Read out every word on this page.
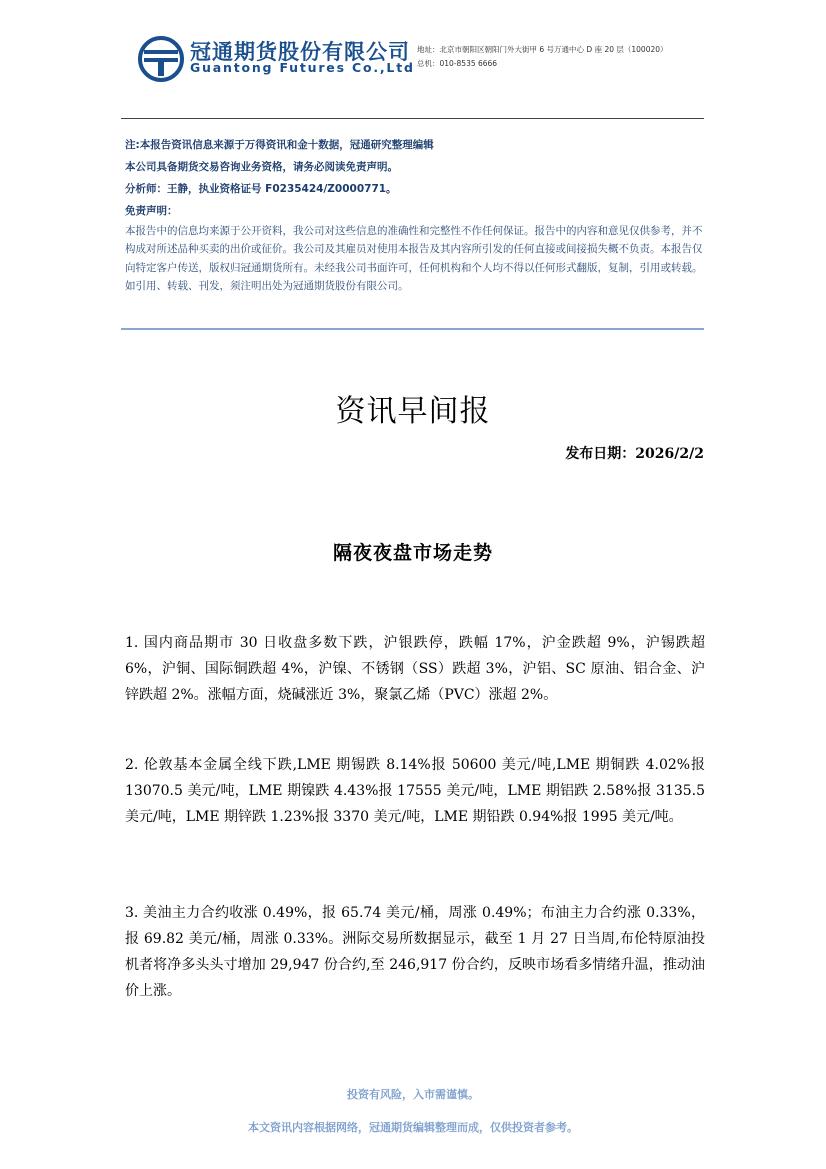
冠通期货股份有限公司
Guantong Futures Co.,Ltd
地址：北京市朝阳区朝阳门外大街甲 6 号万通中心 D 座 20 层（100020）
总机：010-8535 6666
注:本报告资讯信息来源于万得资讯和金十数据，冠通研究整理编辑
本公司具备期货交易咨询业务资格，请务必阅读免责声明。
分析师：王静，执业资格证号 F0235424/Z0000771。
免责声明：
本报告中的信息均来源于公开资料，我公司对这些信息的准确性和完整性不作任何保证。报告中的内容和意见仅供参考，并不构成对所述品种买卖的出价或征价。我公司及其雇员对使用本报告及其内容所引发的任何直接或间接损失概不负责。本报告仅向特定客户传送，版权归冠通期货所有。未经我公司书面许可，任何机构和个人均不得以任何形式翻版，复制，引用或转载。如引用、转载、刊发，须注明出处为冠通期货股份有限公司。
资讯早间报
发布日期：2026/2/2
隔夜夜盘市场走势
1. 国内商品期市 30 日收盘多数下跌，沪银跌停，跌幅 17%，沪金跌超 9%，沪锡跌超 6%，沪铜、国际铜跌超 4%，沪镍、不锈钢（SS）跌超 3%，沪铝、SC 原油、铝合金、沪锌跌超 2%。涨幅方面，烧碱涨近 3%，聚氯乙烯（PVC）涨超 2%。
2. 伦敦基本金属全线下跌,LME 期锡跌 8.14%报 50600 美元/吨,LME 期铜跌 4.02%报 13070.5 美元/吨，LME 期镍跌 4.43%报 17555 美元/吨，LME 期铝跌 2.58%报 3135.5 美元/吨，LME 期锌跌 1.23%报 3370 美元/吨，LME 期铅跌 0.94%报 1995 美元/吨。
3. 美油主力合约收涨 0.49%，报 65.74 美元/桶，周涨 0.49%；布油主力合约涨 0.33%，报 69.82 美元/桶，周涨 0.33%。洲际交易所数据显示，截至 1 月 27 日当周,布伦特原油投机者将净多头头寸增加 29,947 份合约,至 246,917 份合约，反映市场看多情绪升温，推动油价上涨。
投资有风险，入市需谨慎。
本文资讯内容根据网络，冠通期货编辑整理而成，仅供投资者参考。
